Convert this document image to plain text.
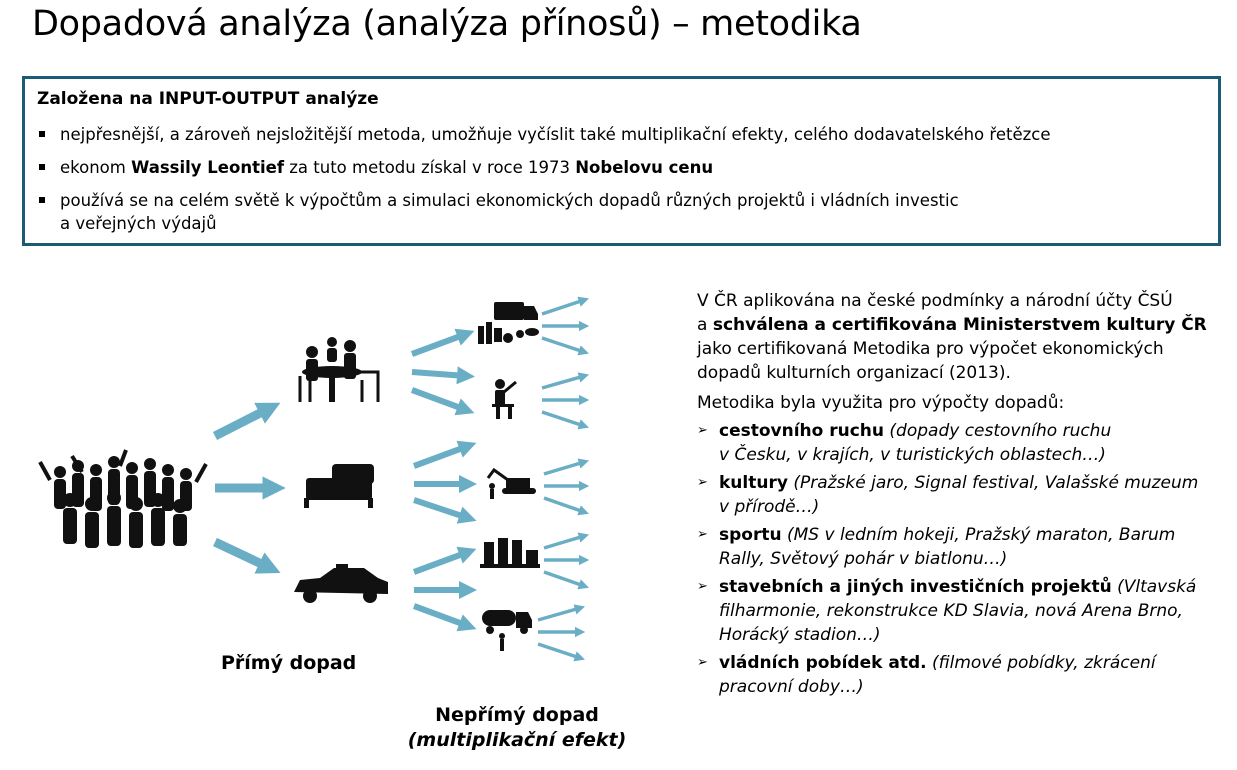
Dopadová analýza (analýza přínosů) – metodika
Založena na INPUT-OUTPUT analýze
nejpřesnější, a zároveň nejsložitější metoda, umožňuje vyčíslit také multiplikační efekty, celého dodavatelského řetězce
ekonom Wassily Leontief za tuto metodu získal v roce 1973 Nobelovu cenu
používá se na celém světě k výpočtům a simulaci ekonomických dopadů různých projektů i vládních investic
a veřejných výdajů
Přímý dopad
Nepřímý dopad
(multiplikační efekt)

V ČR aplikována na české podmínky a národní účty ČSÚ

a schválena a certifikována Ministerstvem kultury ČR

jako certifikovaná Metodika pro výpočet ekonomických

dopadů kulturních organizací (2013).

Metodika byla využita pro výpočty dopadů:

➢ cestovního ruchu (dopady cestovního ruchu
v Česku, v krajích, v turistických oblastech…)
➢ kultury (Pražské jaro, Signal festival, Valašské muzeum
v přírodě…)
➢ sportu (MS v ledním hokeji, Pražský maraton, Barum
Rally, Světový pohár v biatlonu…)
➢ stavebních a jiných investičních projektů (Vltavská
filharmonie, rekonstrukce KD Slavia, nová Arena Brno,
Horácký stadion…)
➢ vládních pobídek atd. (filmové pobídky, zkrácení
pracovní doby…)
